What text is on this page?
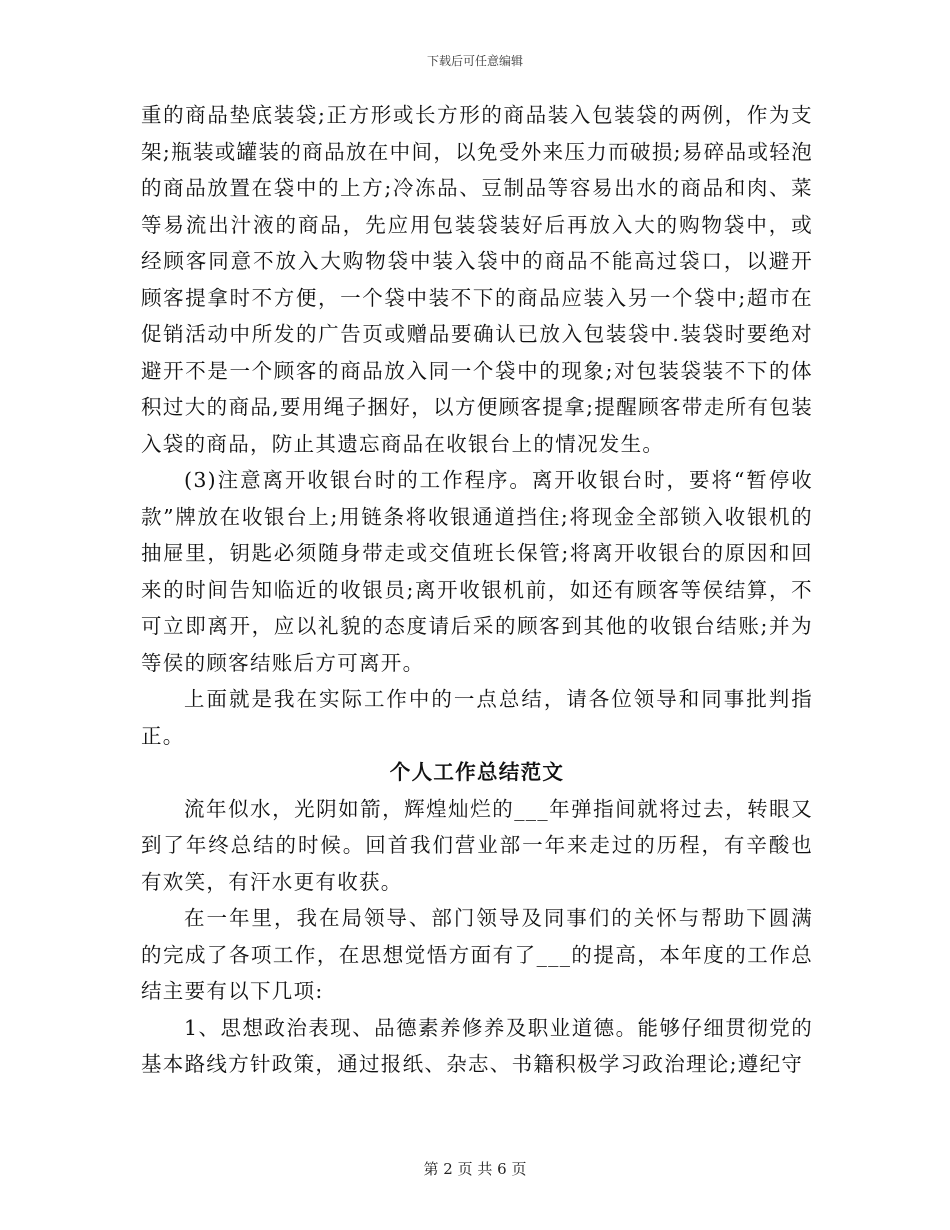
下载后可任意编辑

重的商品垫底装袋;正方形或长方形的商品装入包装袋的两例，作为支架;瓶装或罐装的商品放在中间，以免受外来压力而破损;易碎品或轻泡的商品放置在袋中的上方;冷冻品、豆制品等容易出水的商品和肉、菜等易流出汁液的商品，先应用包装袋装好后再放入大的购物袋中，或经顾客同意不放入大购物袋中装入袋中的商品不能高过袋口，以避开顾客提拿时不方便，一个袋中装不下的商品应装入另一个袋中;超市在促销活动中所发的广告页或赠品要确认已放入包装袋中.装袋时要绝对避开不是一个顾客的商品放入同一个袋中的现象;对包装袋装不下的体积过大的商品,要用绳子捆好，以方便顾客提拿;提醒顾客带走所有包装入袋的商品，防止其遗忘商品在收银台上的情况发生。

(3)注意离开收银台时的工作程序。离开收银台时，要将“暂停收款”牌放在收银台上;用链条将收银通道挡住;将现金全部锁入收银机的抽屉里，钥匙必须随身带走或交值班长保管;将离开收银台的原因和回来的时间告知临近的收银员;离开收银机前，如还有顾客等侯结算，不可立即离开，应以礼貌的态度请后采的顾客到其他的收银台结账;并为等侯的顾客结账后方可离开。

上面就是我在实际工作中的一点总结，请各位领导和同事批判指正。

个人工作总结范文

流年似水，光阴如箭，辉煌灿烂的___年弹指间就将过去，转眼又到了年终总结的时候。回首我们营业部一年来走过的历程，有辛酸也有欢笑，有汗水更有收获。

在一年里，我在局领导、部门领导及同事们的关怀与帮助下圆满的完成了各项工作，在思想觉悟方面有了___的提高，本年度的工作总结主要有以下几项:

1、思想政治表现、品德素养修养及职业道德。能够仔细贯彻党的基本路线方针政策，通过报纸、杂志、书籍积极学习政治理论;遵纪守

第 2 页 共 6 页
